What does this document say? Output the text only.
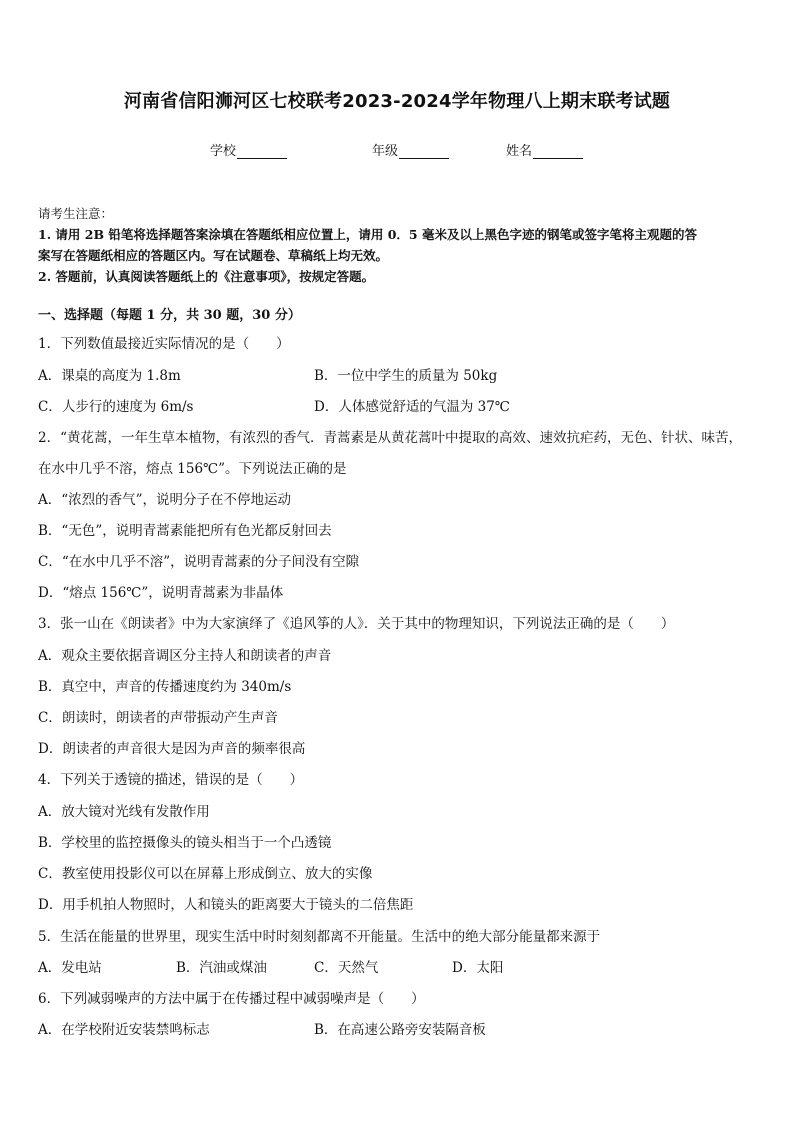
河南省信阳浉河区七校联考2023-2024学年物理八上期末联考试题
学校	年级	姓名
请考生注意：
1. 请用 2B 铅笔将选择题答案涂填在答题纸相应位置上，请用 0．5 毫米及以上黑色字迹的钢笔或签字笔将主观题的答
案写在答题纸相应的答题区内。写在试题卷、草稿纸上均无效。
2. 答题前，认真阅读答题纸上的《注意事项》，按规定答题。
一、选择题（每题 1 分，共 30 题，30 分）
1．下列数值最接近实际情况的是（　　）
A．课桌的高度为 1.8m	B．一位中学生的质量为 50kg
C．人步行的速度为 6m/s	D．人体感觉舒适的气温为 37℃
2．“黄花蒿，一年生草本植物，有浓烈的香气．青蒿素是从黄花蒿叶中提取的高效、速效抗疟药，无色、针状、味苦，
在水中几乎不溶，熔点 156℃”。下列说法正确的是
A．“浓烈的香气”，说明分子在不停地运动
B．“无色”，说明青蒿素能把所有色光都反射回去
C．“在水中几乎不溶”，说明青蒿素的分子间没有空隙
D．“熔点 156℃”，说明青蒿素为非晶体
3．张一山在《朗读者》中为大家演绎了《追风筝的人》．关于其中的物理知识，下列说法正确的是（　　）
A．观众主要依据音调区分主持人和朗读者的声音
B．真空中，声音的传播速度约为 340m/s
C．朗读时，朗读者的声带振动产生声音
D．朗读者的声音很大是因为声音的频率很高
4．下列关于透镜的描述，错误的是（　　）
A．放大镜对光线有发散作用
B．学校里的监控摄像头的镜头相当于一个凸透镜
C．教室使用投影仪可以在屏幕上形成倒立、放大的实像
D．用手机拍人物照时，人和镜头的距离要大于镜头的二倍焦距
5．生活在能量的世界里，现实生活中时时刻刻都离不开能量。生活中的绝大部分能量都来源于
A．发电站	B．汽油或煤油	C．天然气	D．太阳
6．下列减弱噪声的方法中属于在传播过程中减弱噪声是（　　）
A．在学校附近安装禁鸣标志	B．在高速公路旁安装隔音板
